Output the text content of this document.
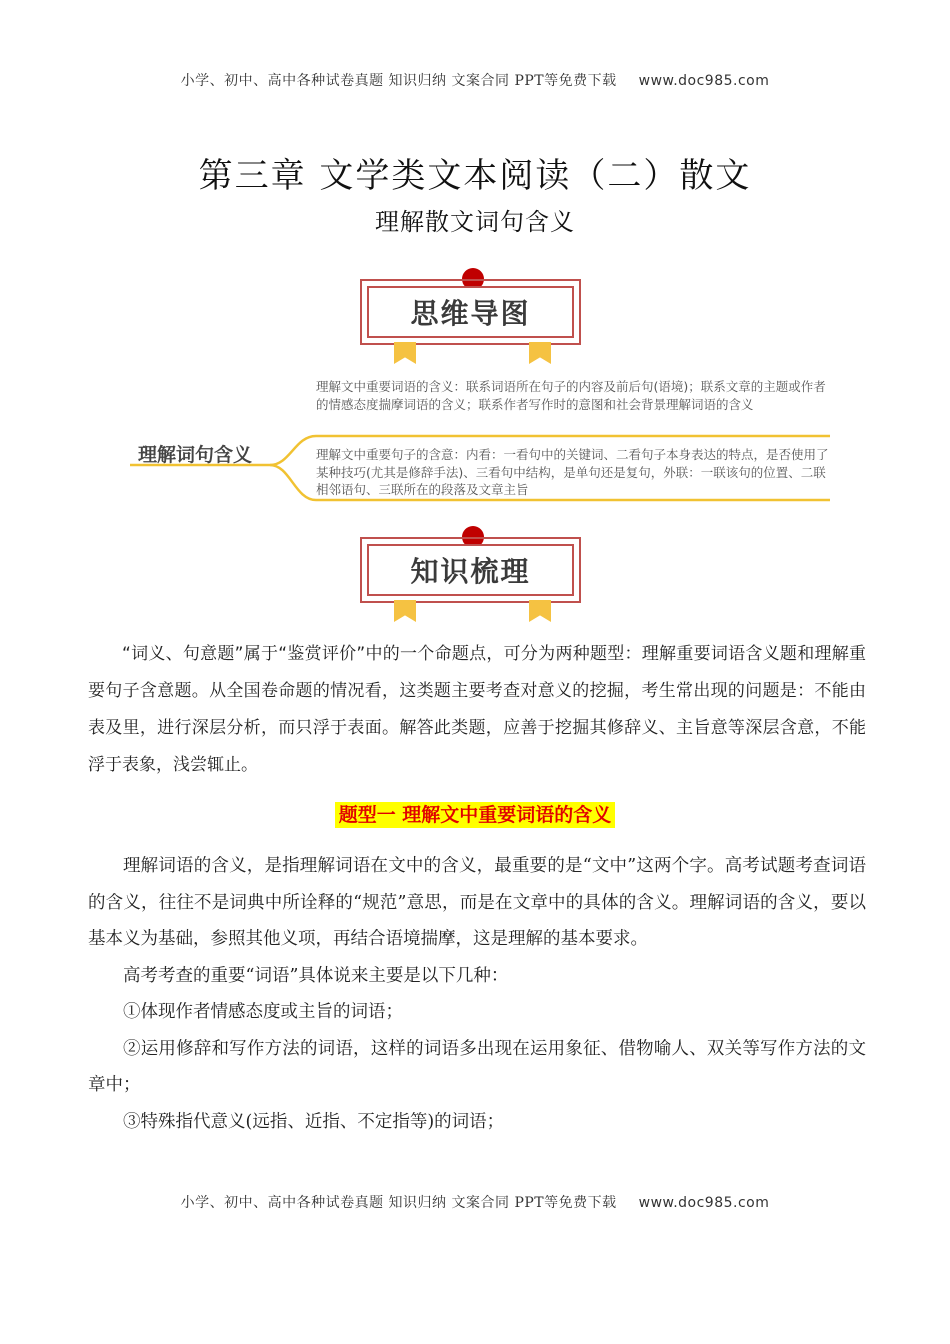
小学、初中、高中各种试卷真题 知识归纳 文案合同 PPT等免费下载 www.doc985.com
第三章 文学类文本阅读（二）散文
理解散文词句含义
思维导图
理解词句含义
理解文中重要词语的含义：联系词语所在句子的内容及前后句(语境)；联系文章的主题或作者的情感态度揣摩词语的含义；联系作者写作时的意图和社会背景理解词语的含义
理解文中重要句子的含意：内看：一看句中的关键词、二看句子本身表达的特点，是否使用了某种技巧(尤其是修辞手法)、三看句中结构，是单句还是复句，外联：一联该句的位置、二联相邻语句、三联所在的段落及文章主旨
知识梳理
“词义、句意题”属于“鉴赏评价”中的一个命题点，可分为两种题型：理解重要词语含义题和理解重要句子含意题。从全国卷命题的情况看，这类题主要考查对意义的挖掘，考生常出现的问题是：不能由表及里，进行深层分析，而只浮于表面。解答此类题，应善于挖掘其修辞义、主旨意等深层含意，不能浮于表象，浅尝辄止。
题型一 理解文中重要词语的含义

理解词语的含义，是指理解词语在文中的含义，最重要的是“文中”这两个字。高考试题考查词语的含义，往往不是词典中所诠释的“规范”意思，而是在文章中的具体的含义。理解词语的含义，要以基本义为基础，参照其他义项，再结合语境揣摩，这是理解的基本要求。

高考考查的重要“词语”具体说来主要是以下几种：

①体现作者情感态度或主旨的词语；

②运用修辞和写作方法的词语，这样的词语多出现在运用象征、借物喻人、双关等写作方法的文章中；

③特殊指代意义(远指、近指、不定指等)的词语；

小学、初中、高中各种试卷真题 知识归纳 文案合同 PPT等免费下载 www.doc985.com
